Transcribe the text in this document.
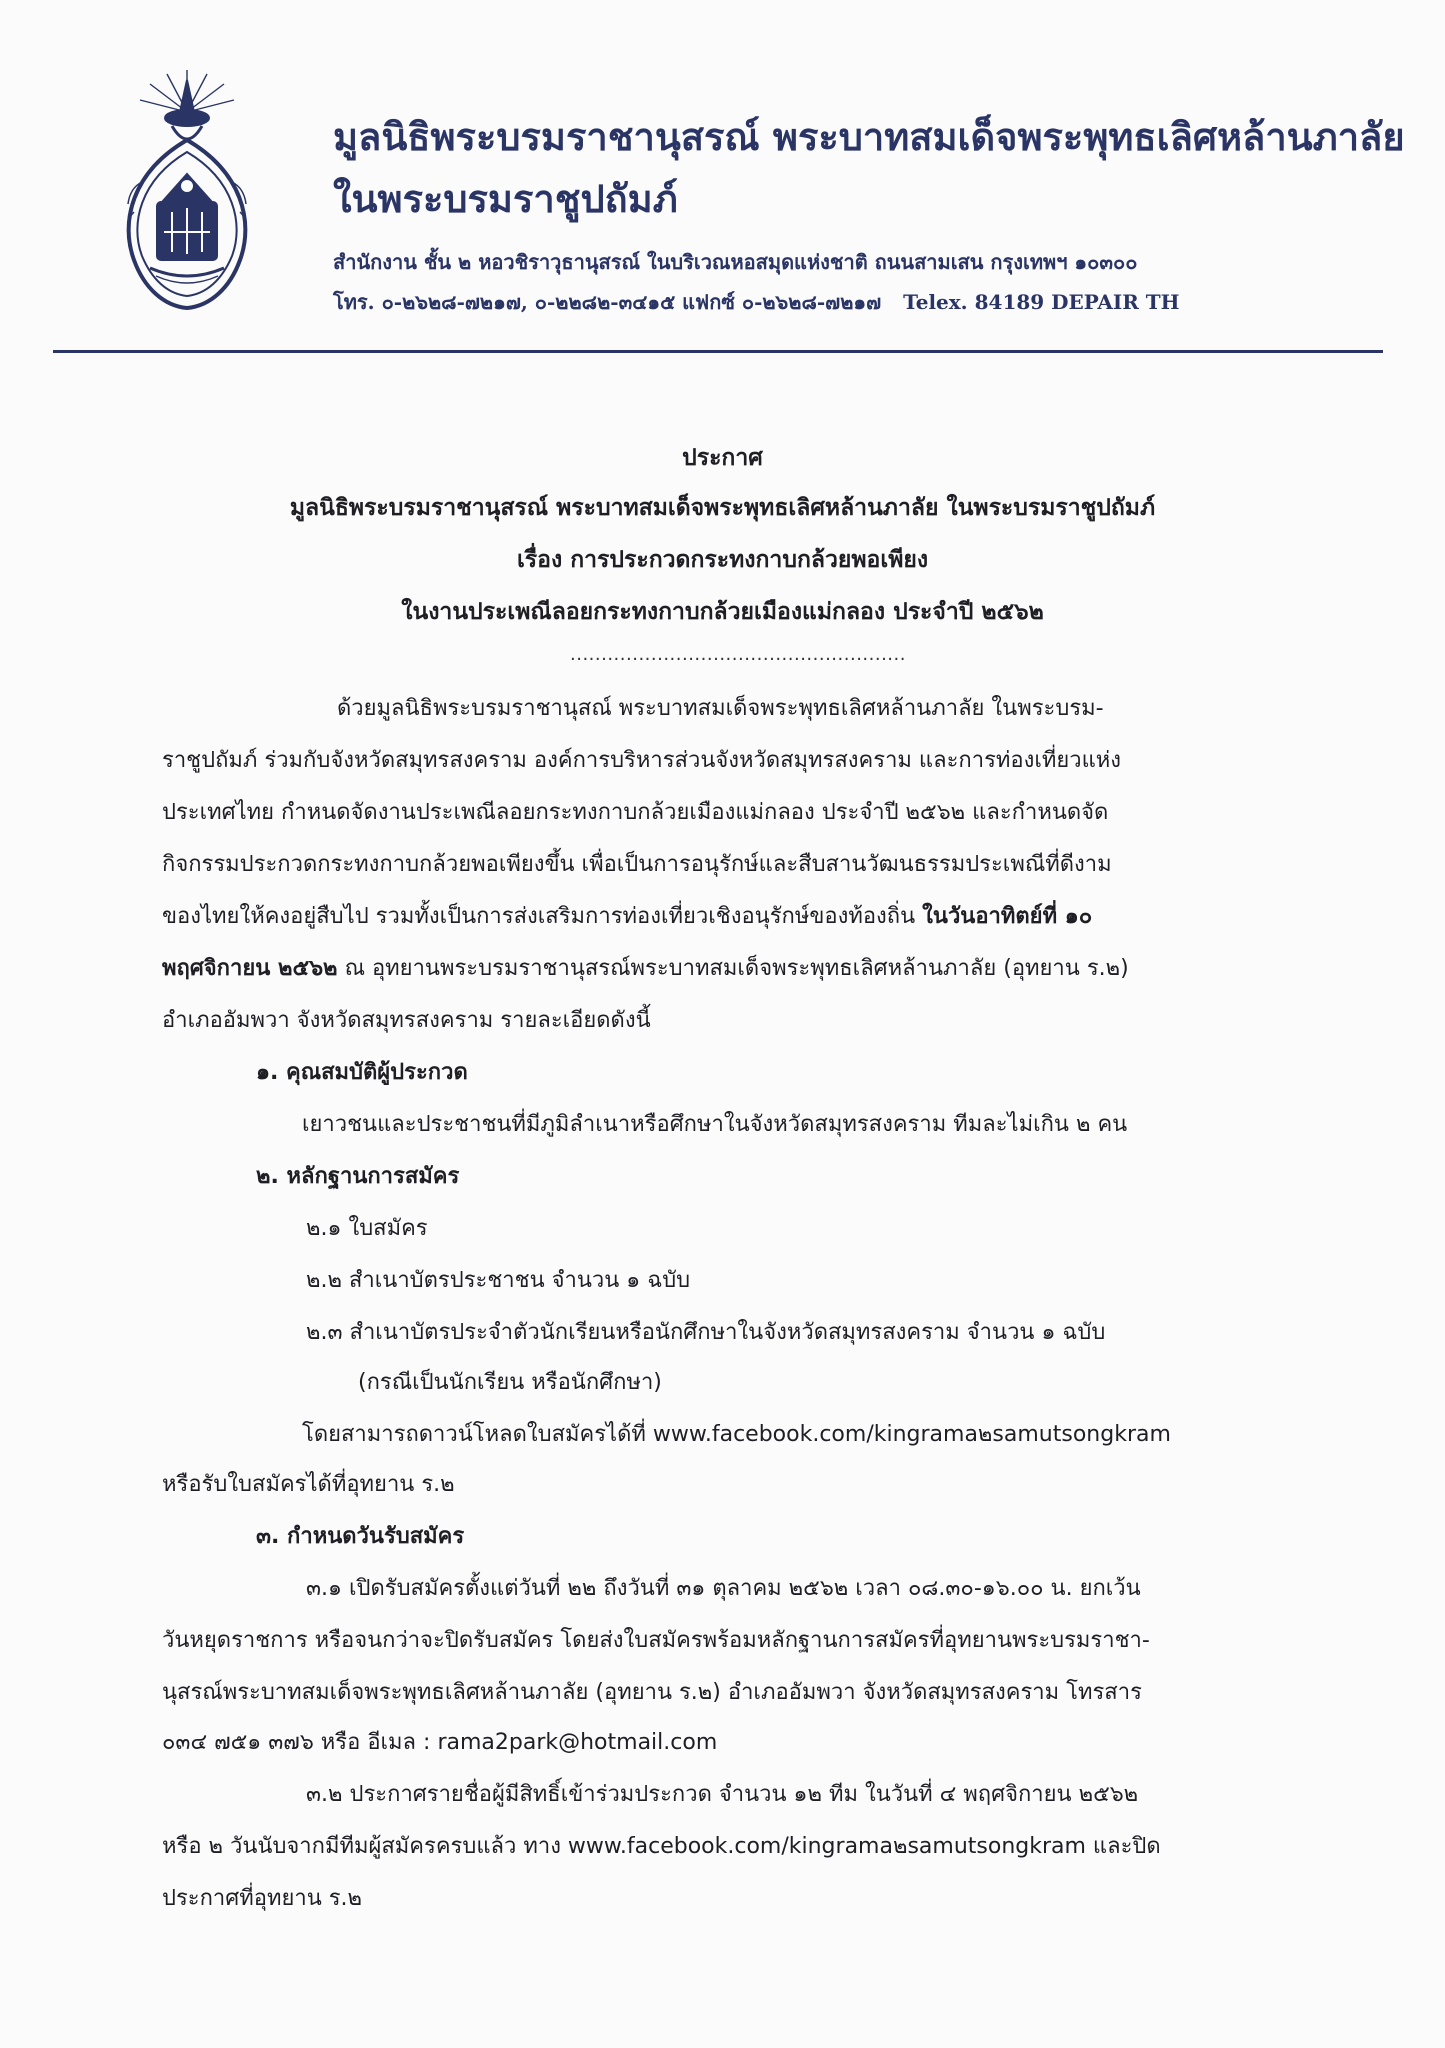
มูลนิธิพระบรมราชานุสรณ์ พระบาทสมเด็จพระพุทธเลิศหล้านภาลัย
ในพระบรมราชูปถัมภ์
สำนักงาน ชั้น ๒ หอวชิราวุธานุสรณ์ ในบริเวณหอสมุดแห่งชาติ ถนนสามเสน กรุงเทพฯ ๑๐๓๐๐
โทร. ๐-๒๖๒๘-๗๒๑๗, ๐-๒๒๘๒-๓๔๑๕ แฟกซ์ ๐-๒๖๒๘-๗๒๑๗ Telex. 84189 DEPAIR TH
ประกาศ
มูลนิธิพระบรมราชานุสรณ์ พระบาทสมเด็จพระพุทธเลิศหล้านภาลัย ในพระบรมราชูปถัมภ์
เรื่อง การประกวดกระทงกาบกล้วยพอเพียง
ในงานประเพณีลอยกระทงกาบกล้วยเมืองแม่กลอง ประจำปี ๒๕๖๒
......................................................
ด้วยมูลนิธิพระบรมราชานุสณ์ พระบาทสมเด็จพระพุทธเลิศหล้านภาลัย ในพระบรม-
ราชูปถัมภ์ ร่วมกับจังหวัดสมุทรสงคราม องค์การบริหารส่วนจังหวัดสมุทรสงคราม และการท่องเที่ยวแห่ง
ประเทศไทย กำหนดจัดงานประเพณีลอยกระทงกาบกล้วยเมืองแม่กลอง ประจำปี ๒๕๖๒ และกำหนดจัด
กิจกรรมประกวดกระทงกาบกล้วยพอเพียงขึ้น เพื่อเป็นการอนุรักษ์และสืบสานวัฒนธรรมประเพณีที่ดีงาม
ของไทยให้คงอยู่สืบไป รวมทั้งเป็นการส่งเสริมการท่องเที่ยวเชิงอนุรักษ์ของท้องถิ่น ในวันอาทิตย์ที่ ๑๐
พฤศจิกายน ๒๕๖๒ ณ อุทยานพระบรมราชานุสรณ์พระบาทสมเด็จพระพุทธเลิศหล้านภาลัย (อุทยาน ร.๒)
อำเภออัมพวา จังหวัดสมุทรสงคราม รายละเอียดดังนี้
๑. คุณสมบัติผู้ประกวด
เยาวชนและประชาชนที่มีภูมิลำเนาหรือศึกษาในจังหวัดสมุทรสงคราม ทีมละไม่เกิน ๒ คน
๒. หลักฐานการสมัคร
๒.๑ ใบสมัคร
๒.๒ สำเนาบัตรประชาชน จำนวน ๑ ฉบับ
๒.๓ สำเนาบัตรประจำตัวนักเรียนหรือนักศึกษาในจังหวัดสมุทรสงคราม จำนวน ๑ ฉบับ
(กรณีเป็นนักเรียน หรือนักศึกษา)
โดยสามารถดาวน์โหลดใบสมัครได้ที่ www.facebook.com/kingrama๒samutsongkram
หรือรับใบสมัครได้ที่อุทยาน ร.๒
๓. กำหนดวันรับสมัคร
๓.๑ เปิดรับสมัครตั้งแต่วันที่ ๒๒ ถึงวันที่ ๓๑ ตุลาคม ๒๕๖๒ เวลา ๐๘.๓๐-๑๖.๐๐ น. ยกเว้น
วันหยุดราชการ หรือจนกว่าจะปิดรับสมัคร โดยส่งใบสมัครพร้อมหลักฐานการสมัครที่อุทยานพระบรมราชา-
นุสรณ์พระบาทสมเด็จพระพุทธเลิศหล้านภาลัย (อุทยาน ร.๒) อำเภออัมพวา จังหวัดสมุทรสงคราม โทรสาร
๐๓๔ ๗๕๑ ๓๗๖ หรือ อีเมล : rama2park@hotmail.com
๓.๒ ประกาศรายชื่อผู้มีสิทธิ์เข้าร่วมประกวด จำนวน ๑๒ ทีม ในวันที่ ๔ พฤศจิกายน ๒๕๖๒
หรือ ๒ วันนับจากมีทีมผู้สมัครครบแล้ว ทาง www.facebook.com/kingrama๒samutsongkram และปิด
ประกาศที่อุทยาน ร.๒
